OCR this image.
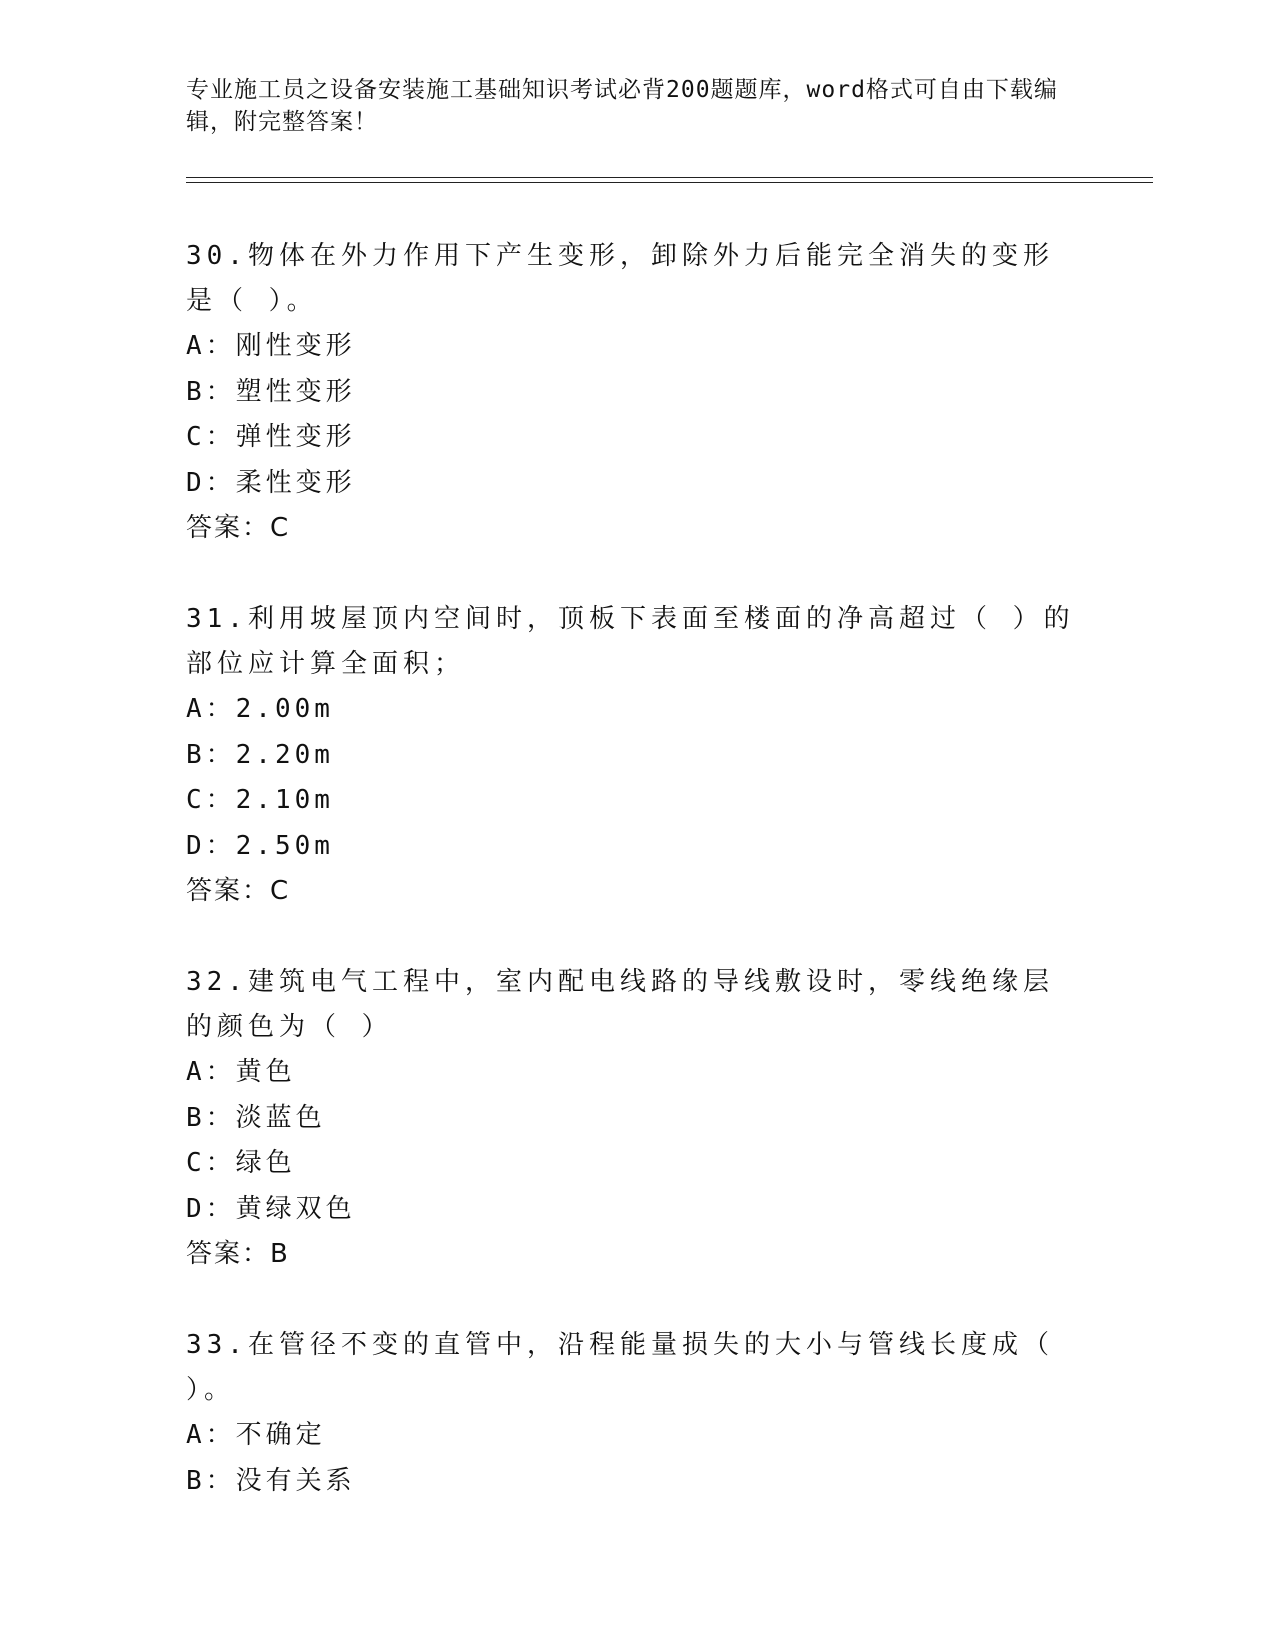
专业施工员之设备安装施工基础知识考试必背200题题库，word格式可自由下载编辑，附完整答案！

30.物体在外力作用下产生变形，卸除外力后能完全消失的变形是（ ）。

A：刚性变形
B：塑性变形
C：弹性变形
D：柔性变形
答案：C

31.利用坡屋顶内空间时，顶板下表面至楼面的净高超过（ ）的部位应计算全面积；

A：2.00m
B：2.20m
C：2.10m
D：2.50m
答案：C

32.建筑电气工程中，室内配电线路的导线敷设时，零线绝缘层的颜色为（ ）

A：黄色
B：淡蓝色
C：绿色
D：黄绿双色
答案：B

33.在管径不变的直管中，沿程能量损失的大小与管线长度成（ ）。

A：不确定
B：没有关系
